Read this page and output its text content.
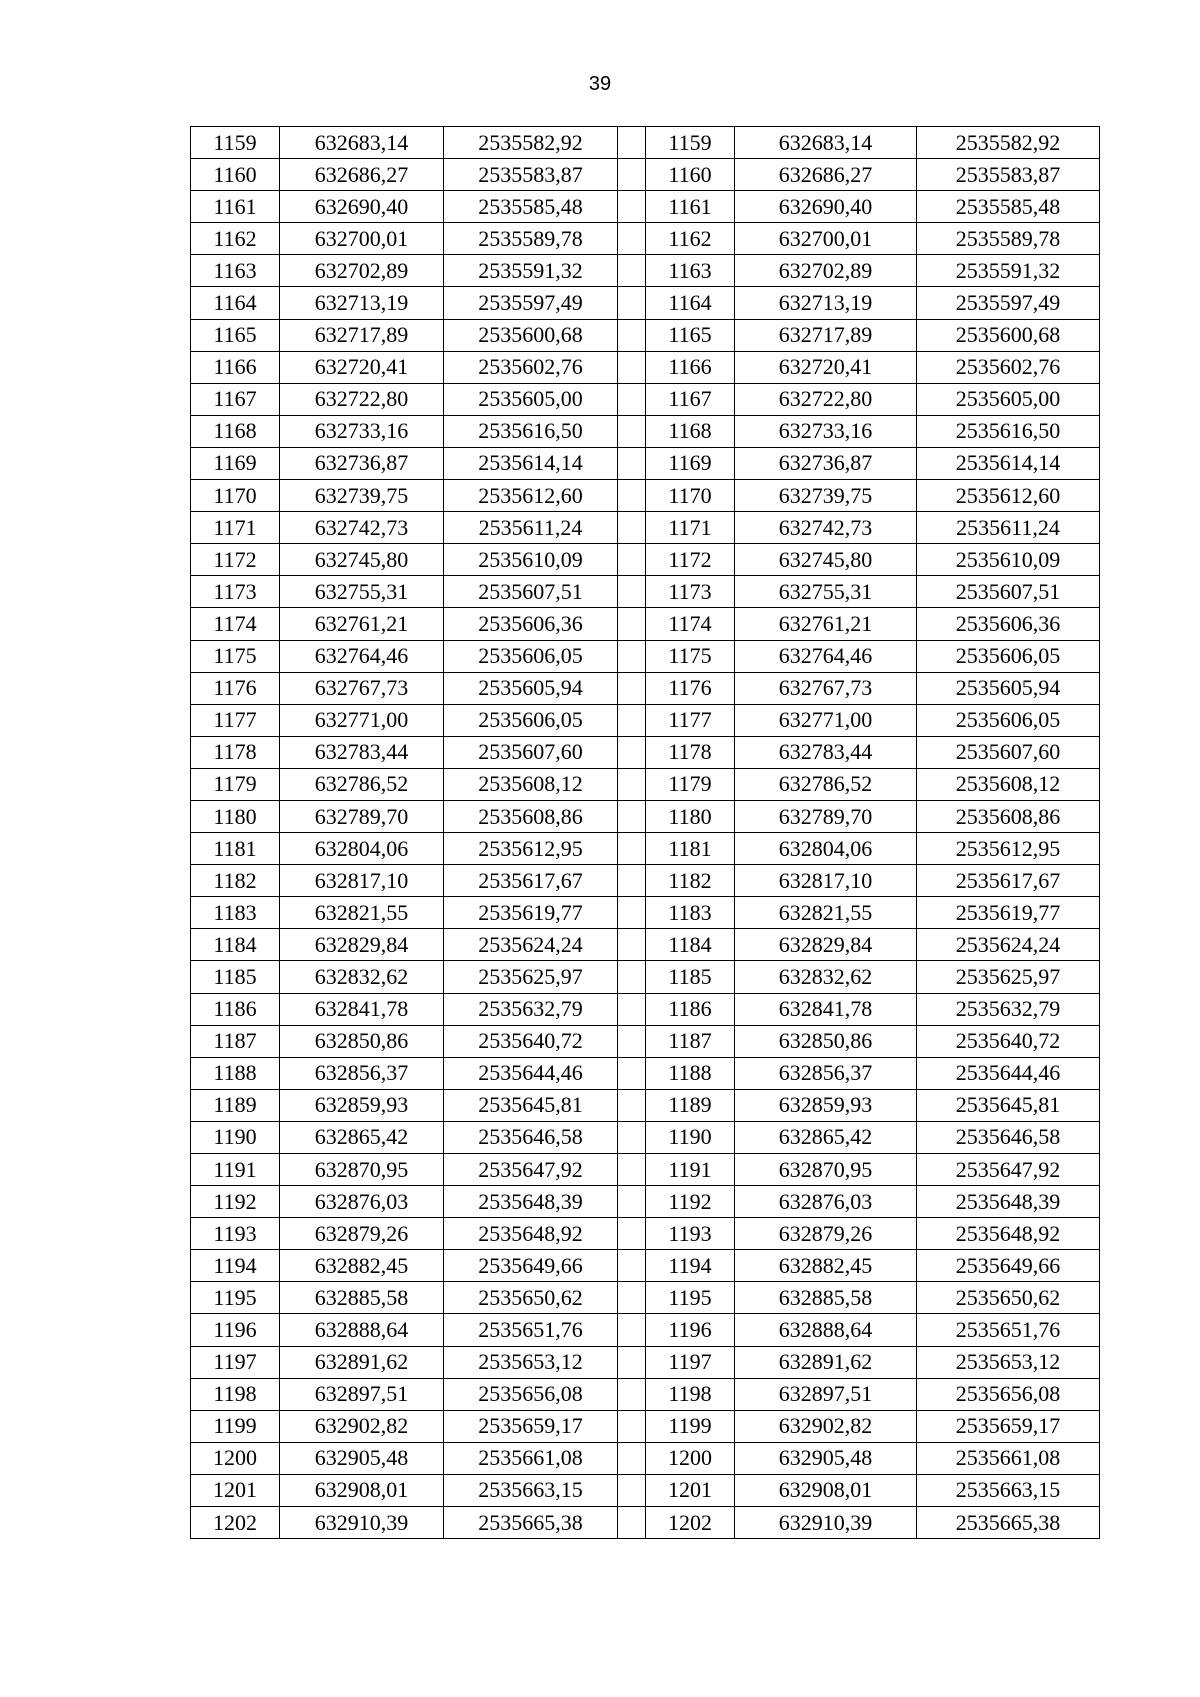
39
1159	632683,14	2535582,92		1159	632683,14	2535582,92
1160	632686,27	2535583,87		1160	632686,27	2535583,87
1161	632690,40	2535585,48		1161	632690,40	2535585,48
1162	632700,01	2535589,78		1162	632700,01	2535589,78
1163	632702,89	2535591,32		1163	632702,89	2535591,32
1164	632713,19	2535597,49		1164	632713,19	2535597,49
1165	632717,89	2535600,68		1165	632717,89	2535600,68
1166	632720,41	2535602,76		1166	632720,41	2535602,76
1167	632722,80	2535605,00		1167	632722,80	2535605,00
1168	632733,16	2535616,50		1168	632733,16	2535616,50
1169	632736,87	2535614,14		1169	632736,87	2535614,14
1170	632739,75	2535612,60		1170	632739,75	2535612,60
1171	632742,73	2535611,24		1171	632742,73	2535611,24
1172	632745,80	2535610,09		1172	632745,80	2535610,09
1173	632755,31	2535607,51		1173	632755,31	2535607,51
1174	632761,21	2535606,36		1174	632761,21	2535606,36
1175	632764,46	2535606,05		1175	632764,46	2535606,05
1176	632767,73	2535605,94		1176	632767,73	2535605,94
1177	632771,00	2535606,05		1177	632771,00	2535606,05
1178	632783,44	2535607,60		1178	632783,44	2535607,60
1179	632786,52	2535608,12		1179	632786,52	2535608,12
1180	632789,70	2535608,86		1180	632789,70	2535608,86
1181	632804,06	2535612,95		1181	632804,06	2535612,95
1182	632817,10	2535617,67		1182	632817,10	2535617,67
1183	632821,55	2535619,77		1183	632821,55	2535619,77
1184	632829,84	2535624,24		1184	632829,84	2535624,24
1185	632832,62	2535625,97		1185	632832,62	2535625,97
1186	632841,78	2535632,79		1186	632841,78	2535632,79
1187	632850,86	2535640,72		1187	632850,86	2535640,72
1188	632856,37	2535644,46		1188	632856,37	2535644,46
1189	632859,93	2535645,81		1189	632859,93	2535645,81
1190	632865,42	2535646,58		1190	632865,42	2535646,58
1191	632870,95	2535647,92		1191	632870,95	2535647,92
1192	632876,03	2535648,39		1192	632876,03	2535648,39
1193	632879,26	2535648,92		1193	632879,26	2535648,92
1194	632882,45	2535649,66		1194	632882,45	2535649,66
1195	632885,58	2535650,62		1195	632885,58	2535650,62
1196	632888,64	2535651,76		1196	632888,64	2535651,76
1197	632891,62	2535653,12		1197	632891,62	2535653,12
1198	632897,51	2535656,08		1198	632897,51	2535656,08
1199	632902,82	2535659,17		1199	632902,82	2535659,17
1200	632905,48	2535661,08		1200	632905,48	2535661,08
1201	632908,01	2535663,15		1201	632908,01	2535663,15
1202	632910,39	2535665,38		1202	632910,39	2535665,38
